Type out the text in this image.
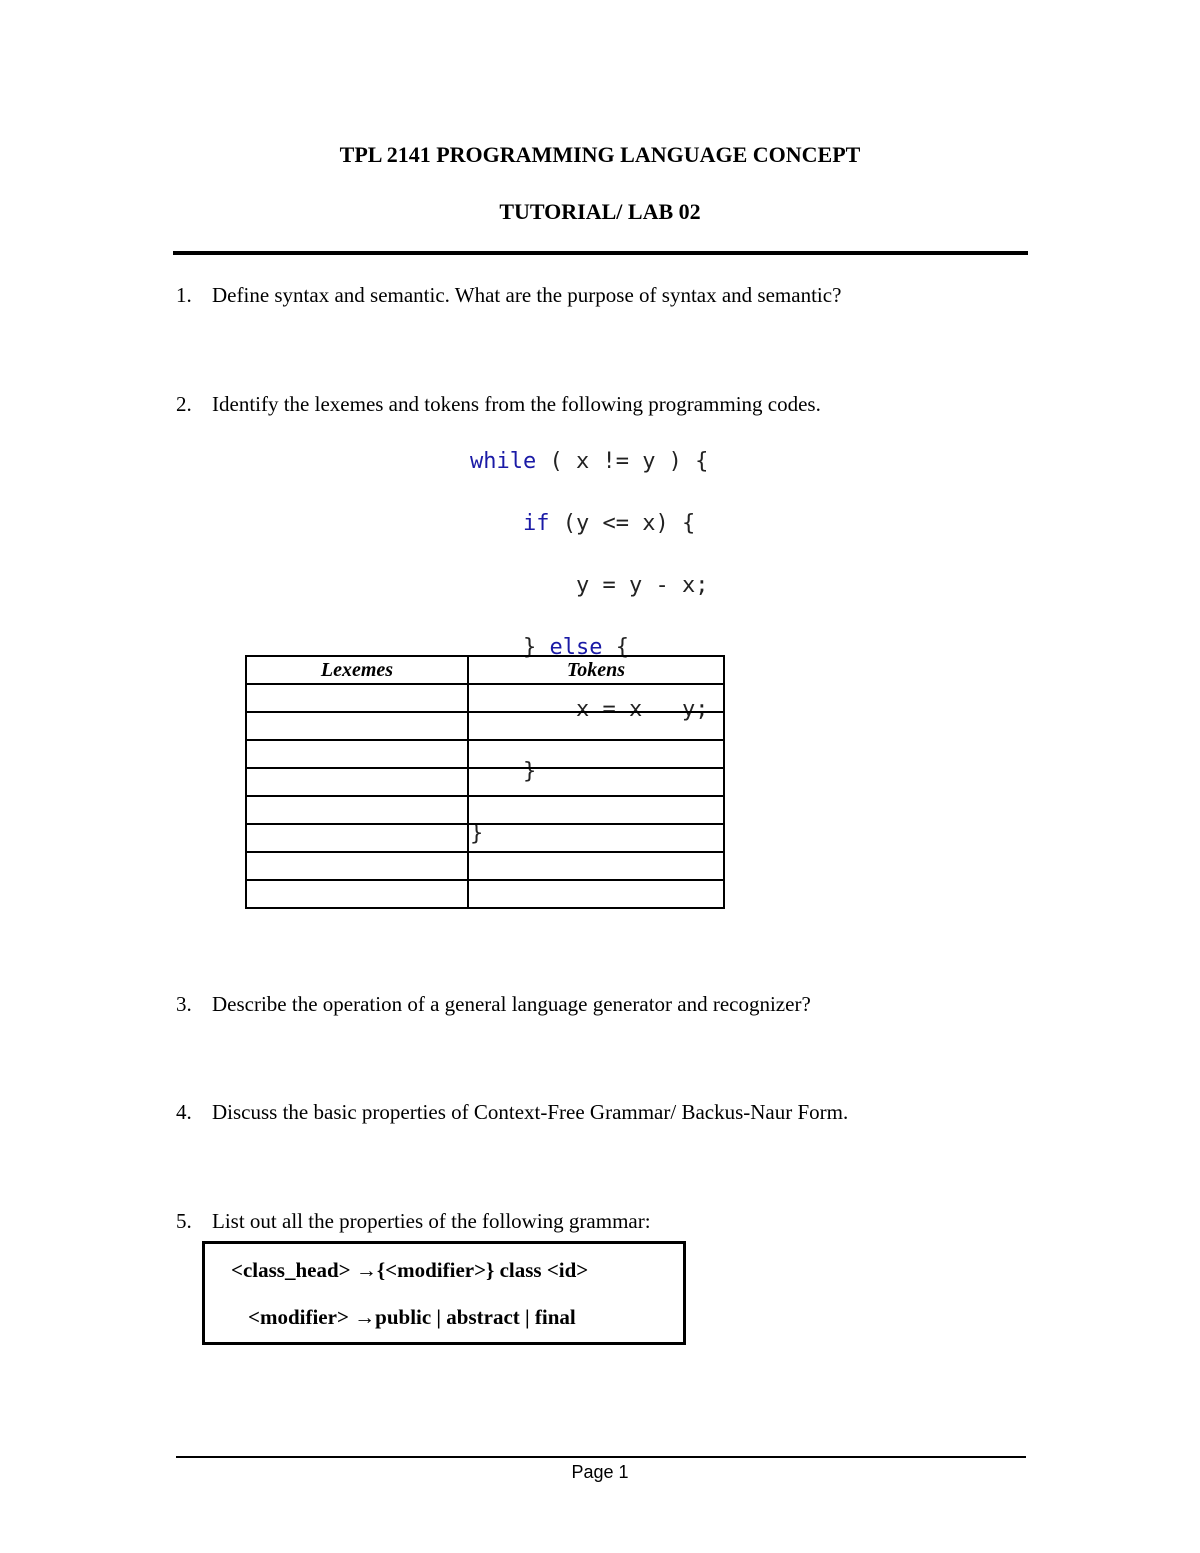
TPL 2141 PROGRAMMING LANGUAGE CONCEPT
TUTORIAL/ LAB 02
1. Define syntax and semantic. What are the purpose of syntax and semantic?
2. Identify the lexemes and tokens from the following programming codes.

while ( x != y ) {

if (y <= x) {

y = y - x;

} else {

x = x   y;

}

}

Lexemes	Tokens

3. Describe the operation of a general language generator and recognizer?
4. Discuss the basic properties of Context-Free Grammar/ Backus-Naur Form.
5. List out all the properties of the following grammar:
<class_head> →{<modifier>} class <id>
<modifier> →public | abstract | final
Page 1
